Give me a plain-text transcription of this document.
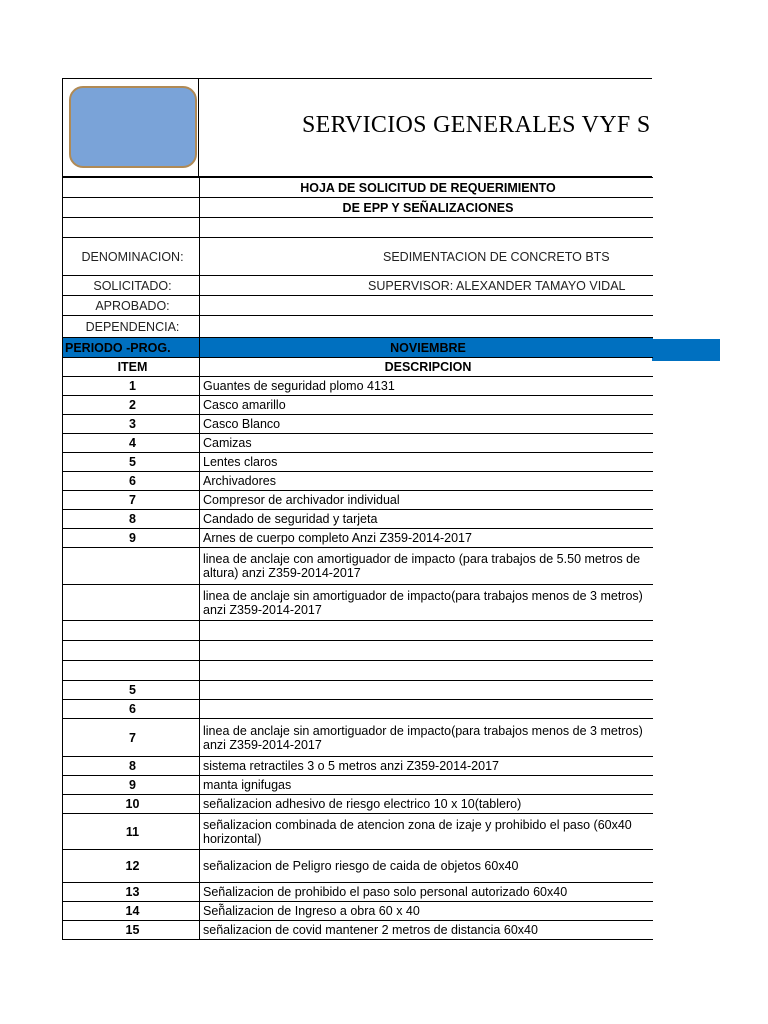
SERVICIOS GENERALES VYF S
	HOJA DE SOLICITUD DE REQUERIMIENTO
	DE EPP Y SEÑALIZACIONES

DENOMINACION:	SEDIMENTACION DE CONCRETO BTS
SOLICITADO:	SUPERVISOR: ALEXANDER TAMAYO VIDAL
APROBADO:	
DEPENDENCIA:	
PERIODO -PROG.	NOVIEMBRE
ITEM	DESCRIPCION
1	Guantes de seguridad plomo 4131
2	Casco amarillo
3	Casco Blanco
4	Camizas
5	Lentes claros
6	Archivadores
7	Compresor de archivador individual
8	Candado de seguridad y tarjeta
9	Arnes de cuerpo completo Anzi Z359-2014-2017
	linea de anclaje con amortiguador de impacto (para trabajos de 5.50 metros de altura) anzi Z359-2014-2017
	linea de anclaje sin amortiguador de impacto(para trabajos menos de 3 metros) anzi Z359-2014-2017

5	
6	
7	linea de anclaje sin amortiguador de impacto(para trabajos menos de 3 metros) anzi Z359-2014-2017
8	sistema retractiles 3 o 5 metros anzi Z359-2014-2017
9	manta ignifugas
10	señalizacion adhesivo de riesgo electrico 10 x 10(tablero)
11	señalizacion combinada de atencion zona de izaje y prohibido el paso (60x40 horizontal)
12	señalizacion de Peligro riesgo de caida de objetos 60x40
13	Señalizacion de prohibido el paso solo personal autorizado 60x40
14	Señ̃alizacion de Ingreso a obra 60 x 40
15	señalizacion de covid mantener 2 metros de distancia 60x40
